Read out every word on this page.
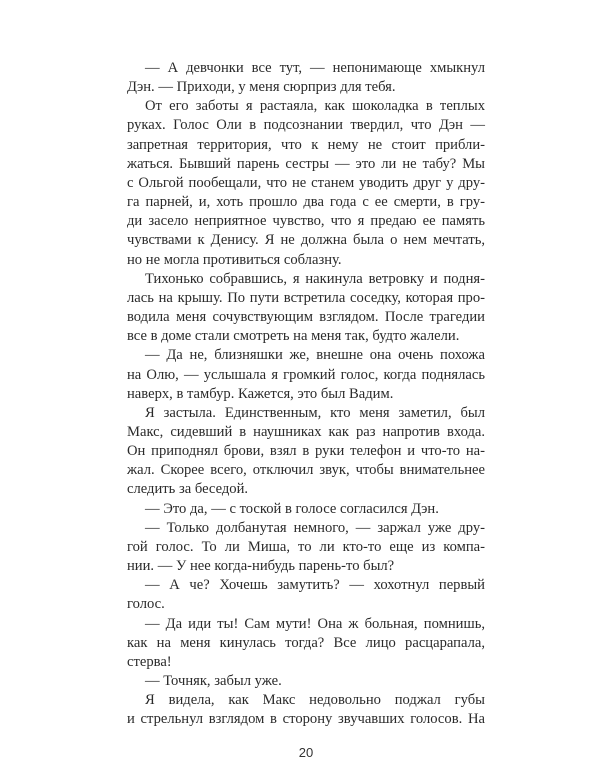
— А девчонки все тут, — непонимающе хмыкнул
Дэн. — Приходи, у меня сюрприз для тебя.
От его заботы я растаяла, как шоколадка в теплых
руках. Голос Оли в подсознании твердил, что Дэн —
запретная территория, что к нему не стоит прибли-
жаться. Бывший парень сестры — это ли не табу? Мы
с Ольгой пообещали, что не станем уводить друг у дру-
га парней, и, хоть прошло два года с ее смерти, в гру-
ди засело неприятное чувство, что я предаю ее память
чувствами к Денису. Я не должна была о нем мечтать,
но не могла противиться соблазну.
Тихонько собравшись, я накинула ветровку и подня-
лась на крышу. По пути встретила соседку, которая про-
водила меня сочувствующим взглядом. После трагедии
все в доме стали смотреть на меня так, будто жалели.
— Да не, близняшки же, внешне она очень похожа
на Олю, — услышала я громкий голос, когда поднялась
наверх, в тамбур. Кажется, это был Вадим.
Я застыла. Единственным, кто меня заметил, был
Макс, сидевший в наушниках как раз напротив входа.
Он приподнял брови, взял в руки телефон и что-то на-
жал. Скорее всего, отключил звук, чтобы внимательнее
следить за беседой.
— Это да, — с тоской в голосе согласился Дэн.
— Только долбанутая немного, — заржал уже дру-
гой голос. То ли Миша, то ли кто-то еще из компа-
нии. — У нее когда-нибудь парень-то был?
— А че? Хочешь замутить? — хохотнул первый
голос.
— Да иди ты! Сам мути! Она ж больная, помнишь,
как на меня кинулась тогда? Все лицо расцарапала,
стерва!
— Точняк, забыл уже.
Я видела, как Макс недовольно поджал губы
и стрельнул взглядом в сторону звучавших голосов. На
20
